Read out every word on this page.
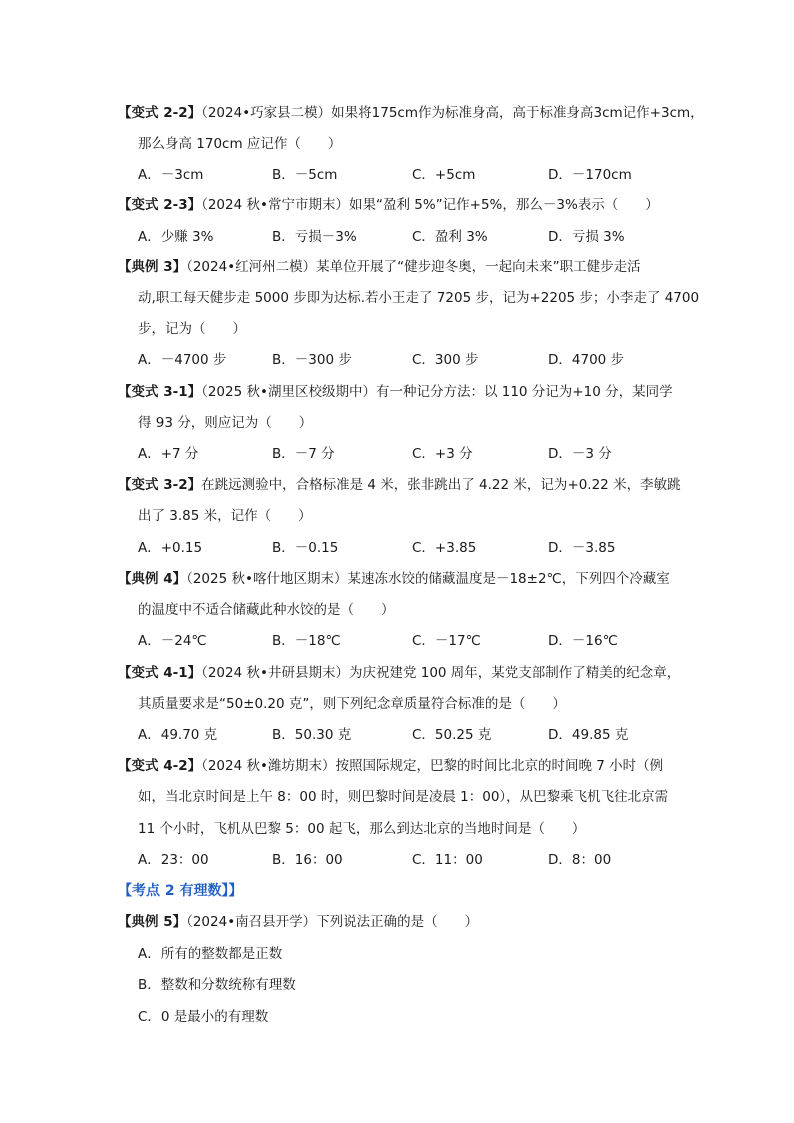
【变式 2-2】（2024•巧家县二模）如果将175cm作为标准身高，高于标准身高3cm记作+3cm，
那么身高 170cm 应记作（　　）
A．－3cm	B．－5cm	C．+5cm	D．－170cm
【变式 2-3】（2024 秋•常宁市期末）如果“盈利 5%”记作+5%，那么－3%表示（　　）
A．少赚 3%	B．亏损－3%	C．盈利 3%	D．亏损 3%
【典例 3】（2024•红河州二模）某单位开展了“健步迎冬奥，一起向未来”职工健步走活
动,职工每天健步走 5000 步即为达标.若小王走了 7205 步，记为+2205 步；小李走了 4700
步，记为（　　）
A．－4700 步	B．－300 步	C．300 步	D．4700 步
【变式 3-1】（2025 秋•湖里区校级期中）有一种记分方法：以 110 分记为+10 分，某同学
得 93 分，则应记为（　　）
A．+7 分	B．－7 分	C．+3 分	D．－3 分
【变式 3-2】在跳远测验中，合格标准是 4 米，张非跳出了 4.22 米，记为+0.22 米，李敏跳
出了 3.85 米，记作（　　）
A．+0.15	B．－0.15	C．+3.85	D．－3.85
【典例 4】（2025 秋•喀什地区期末）某速冻水饺的储藏温度是－18±2℃，下列四个冷藏室
的温度中不适合储藏此种水饺的是（　　）
A．－24℃	B．－18℃	C．－17℃	D．－16℃
【变式 4-1】（2024 秋•井研县期末）为庆祝建党 100 周年，某党支部制作了精美的纪念章，
其质量要求是“50±0.20 克”，则下列纪念章质量符合标准的是（　　）
A．49.70 克	B．50.30 克	C．50.25 克	D．49.85 克
【变式 4-2】（2024 秋•潍坊期末）按照国际规定，巴黎的时间比北京的时间晚 7 小时（例
如，当北京时间是上午 8：00 时，则巴黎时间是凌晨 1：00），从巴黎乘飞机飞往北京需
11 个小时，飞机从巴黎 5：00 起飞，那么到达北京的当地时间是（　　）
A．23：00	B．16：00	C．11：00	D．8：00
【考点 2 有理数】】
【典例 5】（2024•南召县开学）下列说法正确的是（　　）
A．所有的整数都是正数
B．整数和分数统称有理数
C．0 是最小的有理数
